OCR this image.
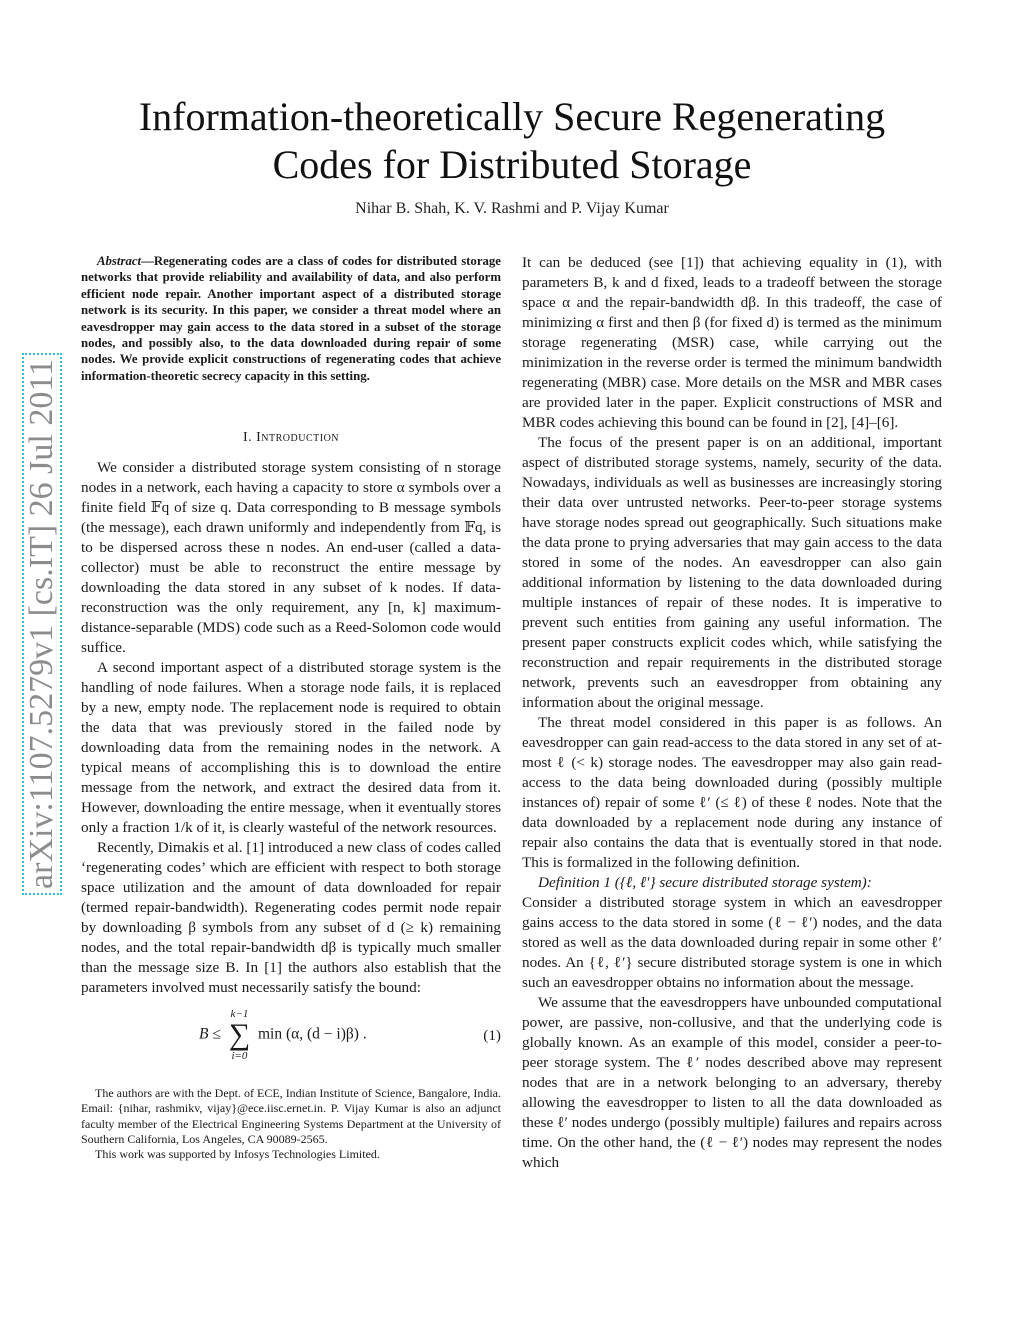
arXiv:1107.5279v1 [cs.IT] 26 Jul 2011
Information-theoretically Secure Regenerating
Codes for Distributed Storage
Nihar B. Shah, K. V. Rashmi and P. Vijay Kumar

Abstract—Regenerating codes are a class of codes for distributed storage networks that provide reliability and availability of data, and also perform efficient node repair. Another important aspect of a distributed storage network is its security. In this paper, we consider a threat model where an eavesdropper may gain access to the data stored in a subset of the storage nodes, and possibly also, to the data downloaded during repair of some nodes. We provide explicit constructions of regenerating codes that achieve information-theoretic secrecy capacity in this setting.

I. Introduction

We consider a distributed storage system consisting of n storage nodes in a network, each having a capacity to store α symbols over a finite field 𝔽q of size q. Data corresponding to B message symbols (the message), each drawn uniformly and independently from 𝔽q, is to be dispersed across these n nodes. An end-user (called a data-collector) must be able to reconstruct the entire message by downloading the data stored in any subset of k nodes. If data-reconstruction was the only requirement, any [n, k] maximum-distance-separable (MDS) code such as a Reed-Solomon code would suffice.

A second important aspect of a distributed storage system is the handling of node failures. When a storage node fails, it is replaced by a new, empty node. The replacement node is required to obtain the data that was previously stored in the failed node by downloading data from the remaining nodes in the network. A typical means of accomplishing this is to download the entire message from the network, and extract the desired data from it. However, downloading the entire message, when it eventually stores only a fraction 1/k of it, is clearly wasteful of the network resources.

Recently, Dimakis et al. [1] introduced a new class of codes called ‘regenerating codes’ which are efficient with respect to both storage space utilization and the amount of data downloaded for repair (termed repair-bandwidth). Regenerating codes permit node repair by downloading β symbols from any subset of d (≥ k) remaining nodes, and the total repair-bandwidth dβ is typically much smaller than the message size B. In [1] the authors also establish that the parameters involved must necessarily satisfy the bound:

B ≤
k−1
∑
i=0
min (α, (d − i)β) .	(1)

The authors are with the Dept. of ECE, Indian Institute of Science, Bangalore, India. Email: {nihar, rashmikv, vijay}@ece.iisc.ernet.in. P. Vijay Kumar is also an adjunct faculty member of the Electrical Engineering Systems Department at the University of Southern California, Los Angeles, CA 90089-2565.

This work was supported by Infosys Technologies Limited.

It can be deduced (see [1]) that achieving equality in (1), with parameters B, k and d fixed, leads to a tradeoff between the storage space α and the repair-bandwidth dβ. In this tradeoff, the case of minimizing α first and then β (for fixed d) is termed as the minimum storage regenerating (MSR) case, while carrying out the minimization in the reverse order is termed the minimum bandwidth regenerating (MBR) case. More details on the MSR and MBR cases are provided later in the paper. Explicit constructions of MSR and MBR codes achieving this bound can be found in [2], [4]–[6].

The focus of the present paper is on an additional, important aspect of distributed storage systems, namely, security of the data. Nowadays, individuals as well as businesses are increasingly storing their data over untrusted networks. Peer-to-peer storage systems have storage nodes spread out geographically. Such situations make the data prone to prying adversaries that may gain access to the data stored in some of the nodes. An eavesdropper can also gain additional information by listening to the data downloaded during multiple instances of repair of these nodes. It is imperative to prevent such entities from gaining any useful information. The present paper constructs explicit codes which, while satisfying the reconstruction and repair requirements in the distributed storage network, prevents such an eavesdropper from obtaining any information about the original message.

The threat model considered in this paper is as follows. An eavesdropper can gain read-access to the data stored in any set of at-most ℓ (< k) storage nodes. The eavesdropper may also gain read-access to the data being downloaded during (possibly multiple instances of) repair of some ℓ′ (≤ ℓ) of these ℓ nodes. Note that the data downloaded by a replacement node during any instance of repair also contains the data that is eventually stored in that node. This is formalized in the following definition.

Definition 1 ({ℓ, ℓ′} secure distributed storage system):

Consider a distributed storage system in which an eavesdropper gains access to the data stored in some (ℓ − ℓ′) nodes, and the data stored as well as the data downloaded during repair in some other ℓ′ nodes. An {ℓ, ℓ′} secure distributed storage system is one in which such an eavesdropper obtains no information about the message.

We assume that the eavesdroppers have unbounded computational power, are passive, non-collusive, and that the underlying code is globally known. As an example of this model, consider a peer-to-peer storage system. The ℓ′ nodes described above may represent nodes that are in a network belonging to an adversary, thereby allowing the eavesdropper to listen to all the data downloaded as these ℓ′ nodes undergo (possibly multiple) failures and repairs across time. On the other hand, the (ℓ − ℓ′) nodes may represent the nodes which
